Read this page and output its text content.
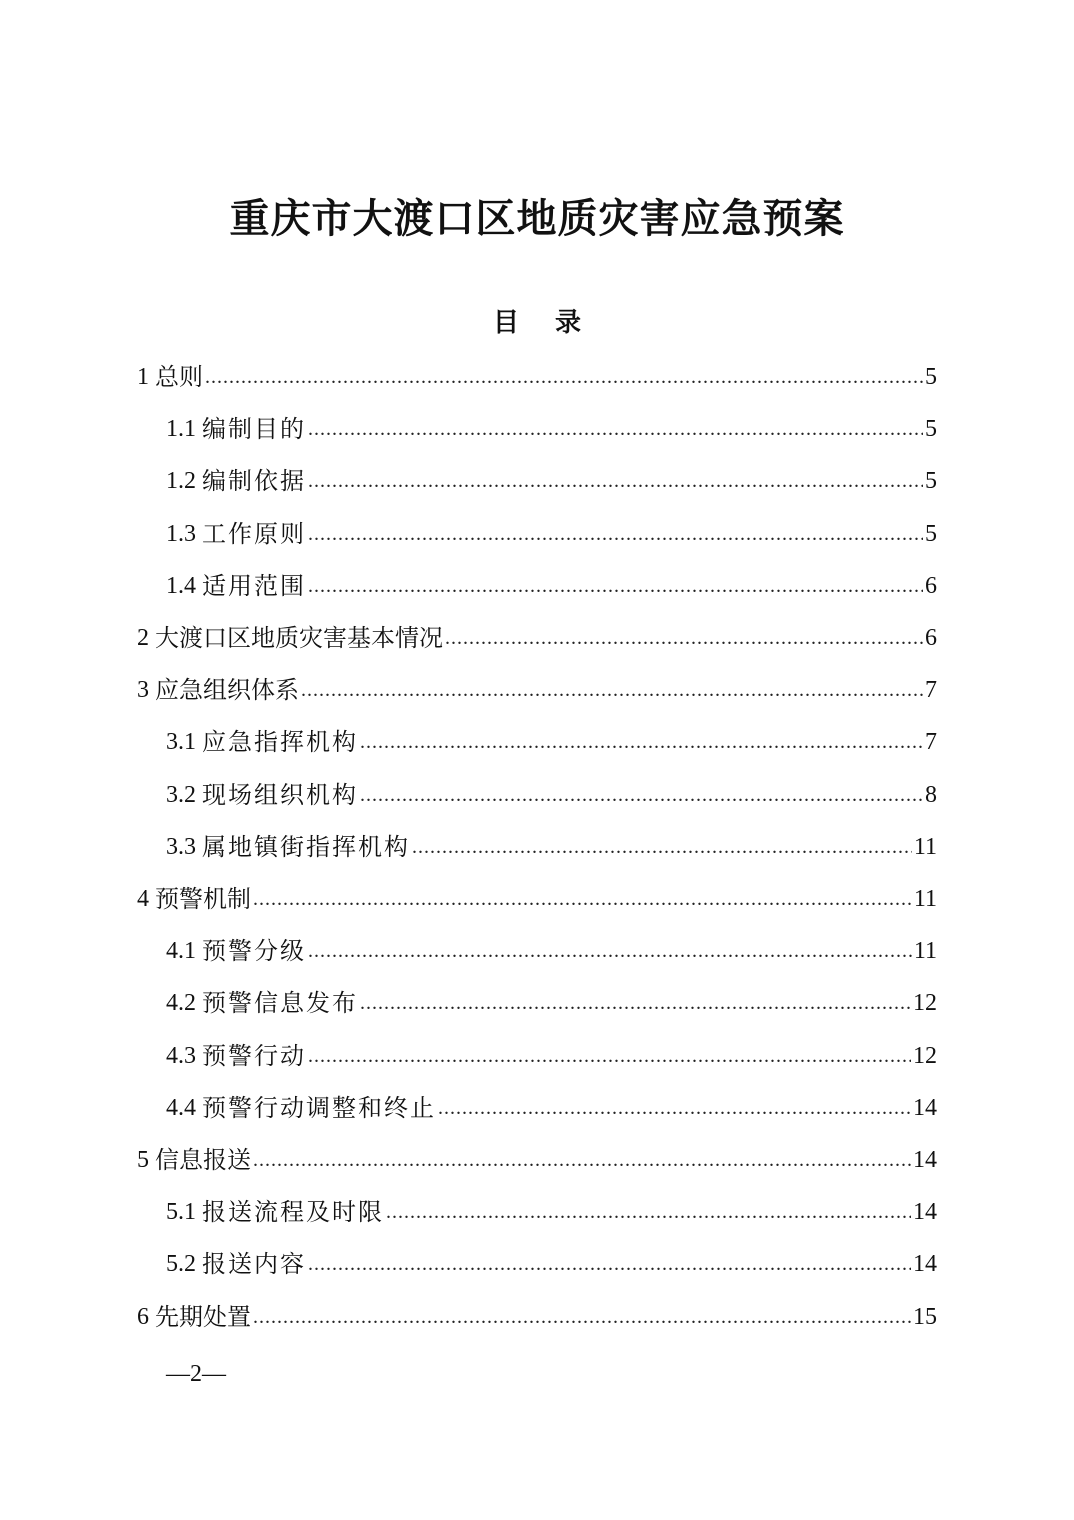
重庆市大渡口区地质灾害应急预案
目 录
1 总则 .....	5
1.1 编制目的 .....	5
1.2 编制依据 .....	5
1.3 工作原则 .....	5
1.4 适用范围 .....	6
2 大渡口区地质灾害基本情况 .....	6
3 应急组织体系 .....	7
3.1 应急指挥机构 .....	7
3.2 现场组织机构 .....	8
3.3 属地镇街指挥机构 .....	11
4 预警机制 .....	11
4.1 预警分级 .....	11
4.2 预警信息发布 .....	12
4.3 预警行动 .....	12
4.4 预警行动调整和终止 .....	14
5 信息报送 .....	14
5.1 报送流程及时限 .....	14
5.2 报送内容 .....	14
6 先期处置 .....	15
—2—
